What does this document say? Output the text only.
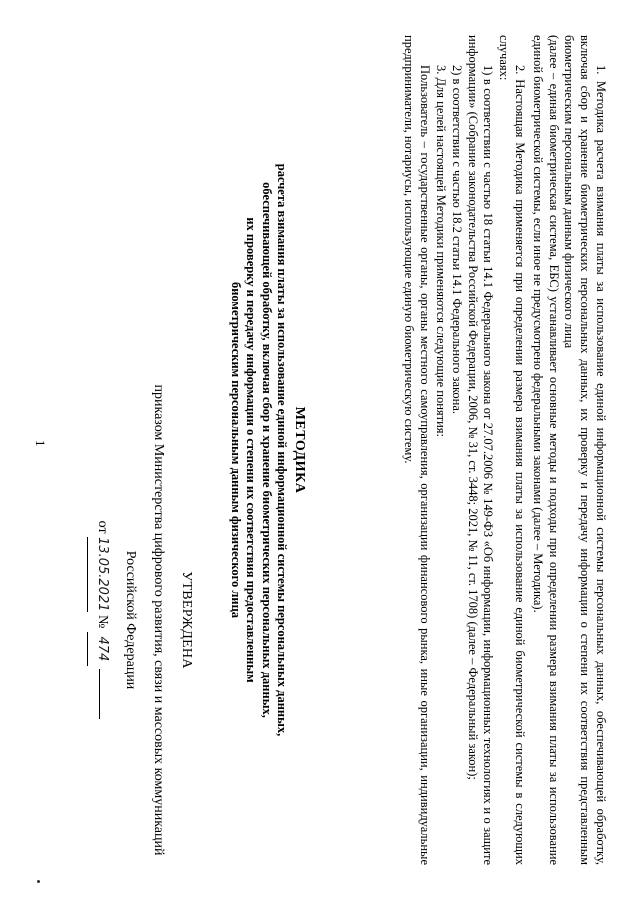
1
УТВЕРЖДЕНА
приказом Министерства цифрового развития, связи и массовых коммуникаций
Российской Федерации
от 13.05.2021 № 474
МЕТОДИКА
расчета взимания платы за использование единой информационной системы персональных данных,
обеспечивающей обработку, включая сбор и хранение биометрических персональных данных,
их проверку и передачу информации о степени их соответствия предоставленным
биометрическим персональным данным физического лица	1. Методика расчета взимания платы за использование единой информационной системы персональных данных, обеспечивающей обработку, включая сбор и хранение биометрических персональных данных, их проверку и передачу информации о степени их соответствия представленным биометрическим персональным данным физического лица

(далее – единая биометрическая система, ЕБС) устанавливает основные методы и подходы при определении размера взимания платы за использование единой биометрической системы, если иное не предусмотрено федеральными законами (далее – Методика).

2. Настоящая Методика применяется при определении размера взимания платы за использование единой биометрической системы в следующих случаях:

1) в соответствии с частью 18 статьи 14.1 Федерального закона от 27.07.2006 № 149-ФЗ «Об информации, информационных технологиях и о защите информации» (Собрание законодательства Российской Федерации, 2006, № 31, ст. 3448; 2021, № 11, ст. 1708) (далее – Федеральный закон);

2) в соответствии с частью 18.2 статьи 14.1 Федерального закона.

3. Для целей настоящей Методики применяются следующие понятия:

Пользователь – государственные органы, органы местного самоуправления, организации финансового рынка, иные организации, индивидуальные предприниматели, нотариусы, использующие единую биометрическую систему.
